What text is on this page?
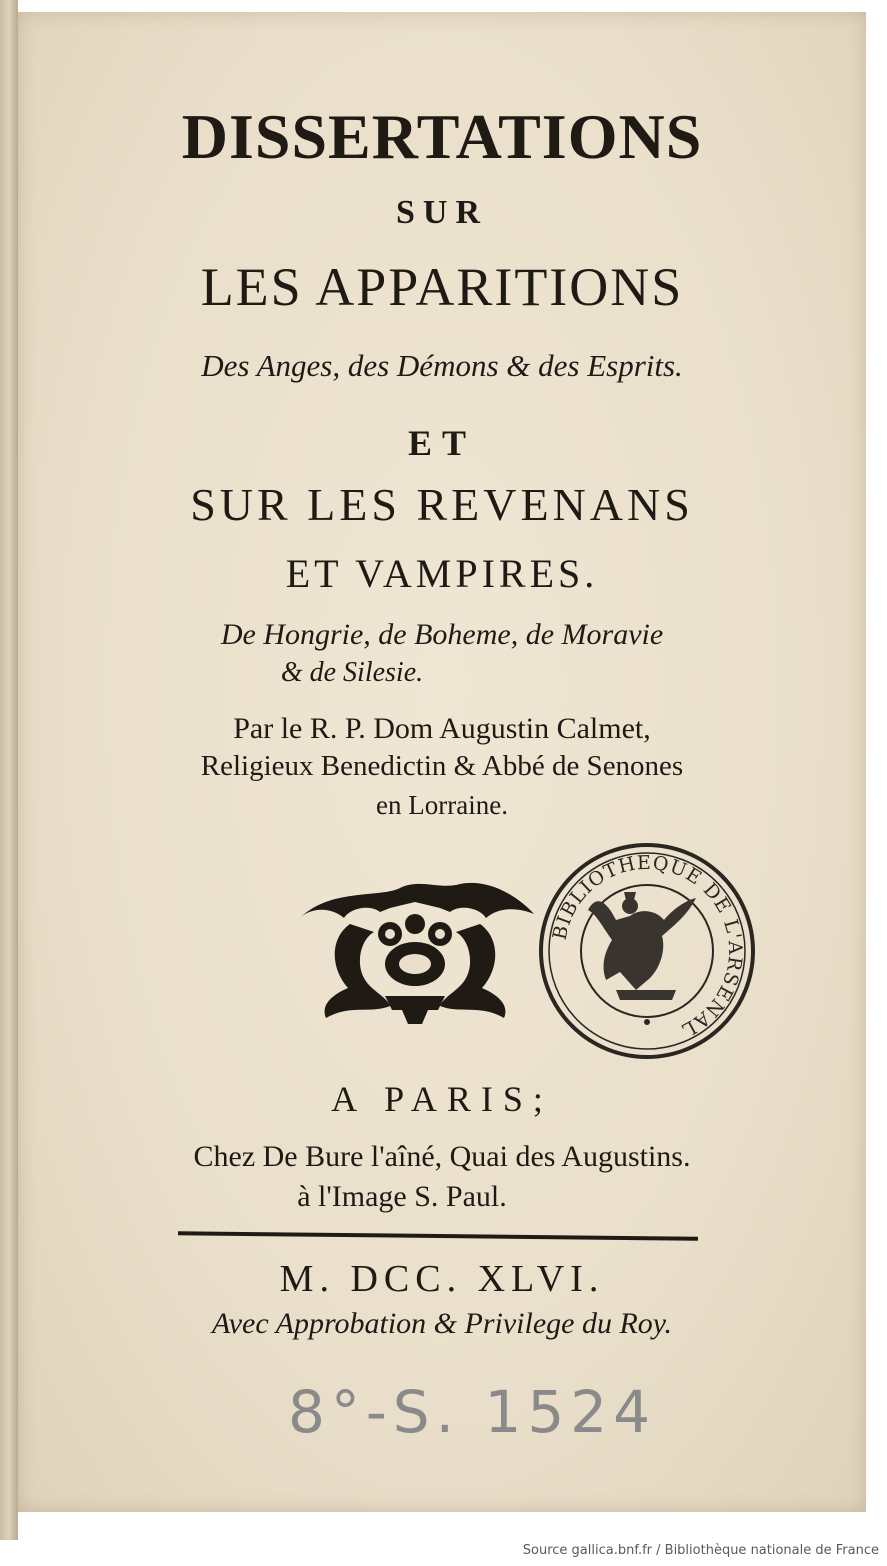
DISSERTATIONS

SUR

LES APPARITIONS

Des Anges, des Démons & des Esprits.

ET

SUR LES REVENANS

ET VAMPIRES.

De Hongrie, de Boheme, de Moravie

& de Silesie.

Par le R. P. Dom Augustin Calmet,

Religieux Benedictin & Abbé de Senones

en Lorraine.

BIBLIOTHEQUE DE L'ARSENAL

A PARIS;

Chez De Bure l'aîné, Quai des Augustins.

à l'Image S. Paul.

M. DCC. XLVI.

Avec Approbation & Privilege du Roy.

8°-S. 1524

Source gallica.bnf.fr / Bibliothèque nationale de France
